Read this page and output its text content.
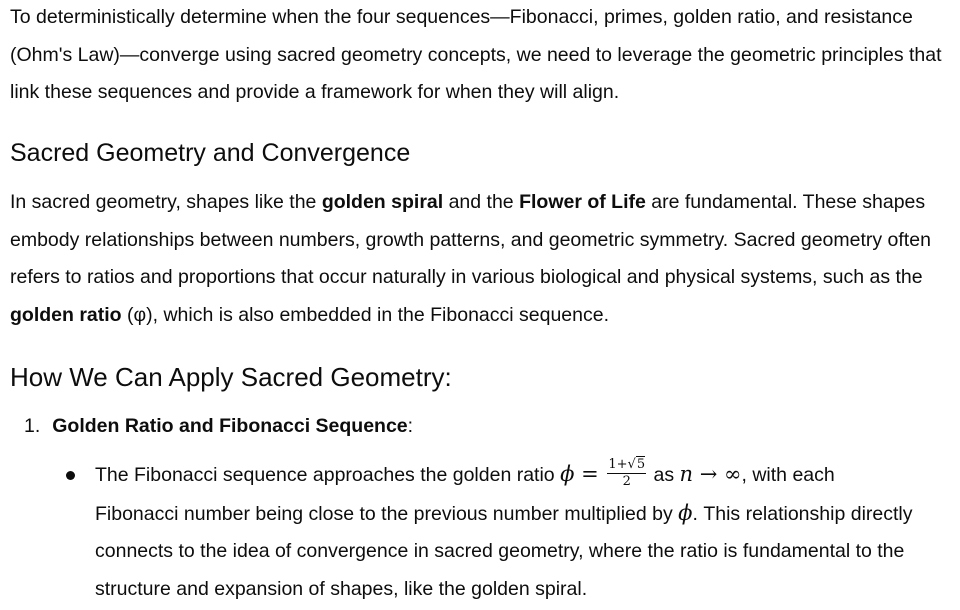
To deterministically determine when the four sequences—Fibonacci, primes, golden ratio, and resistance (Ohm's Law)—converge using sacred geometry concepts, we need to leverage the geometric principles that link these sequences and provide a framework for when they will align.

Sacred Geometry and Convergence

In sacred geometry, shapes like the golden spiral and the Flower of Life are fundamental. These shapes embody relationships between numbers, growth patterns, and geometric symmetry. Sacred geometry often refers to ratios and proportions that occur naturally in various biological and physical systems, such as the golden ratio (φ), which is also embedded in the Fibonacci sequence.

How We Can Apply Sacred Geometry:
1. Golden Ratio and Fibonacci Sequence:

The Fibonacci sequence approaches the golden ratio $\phi = \frac{1+√5}{2}$ as n → ∞, with each Fibonacci number being close to the previous number multiplied by ϕ. This relationship directly connects to the idea of convergence in sacred geometry, where the ratio is fundamental to the structure and expansion of shapes, like the golden spiral.
